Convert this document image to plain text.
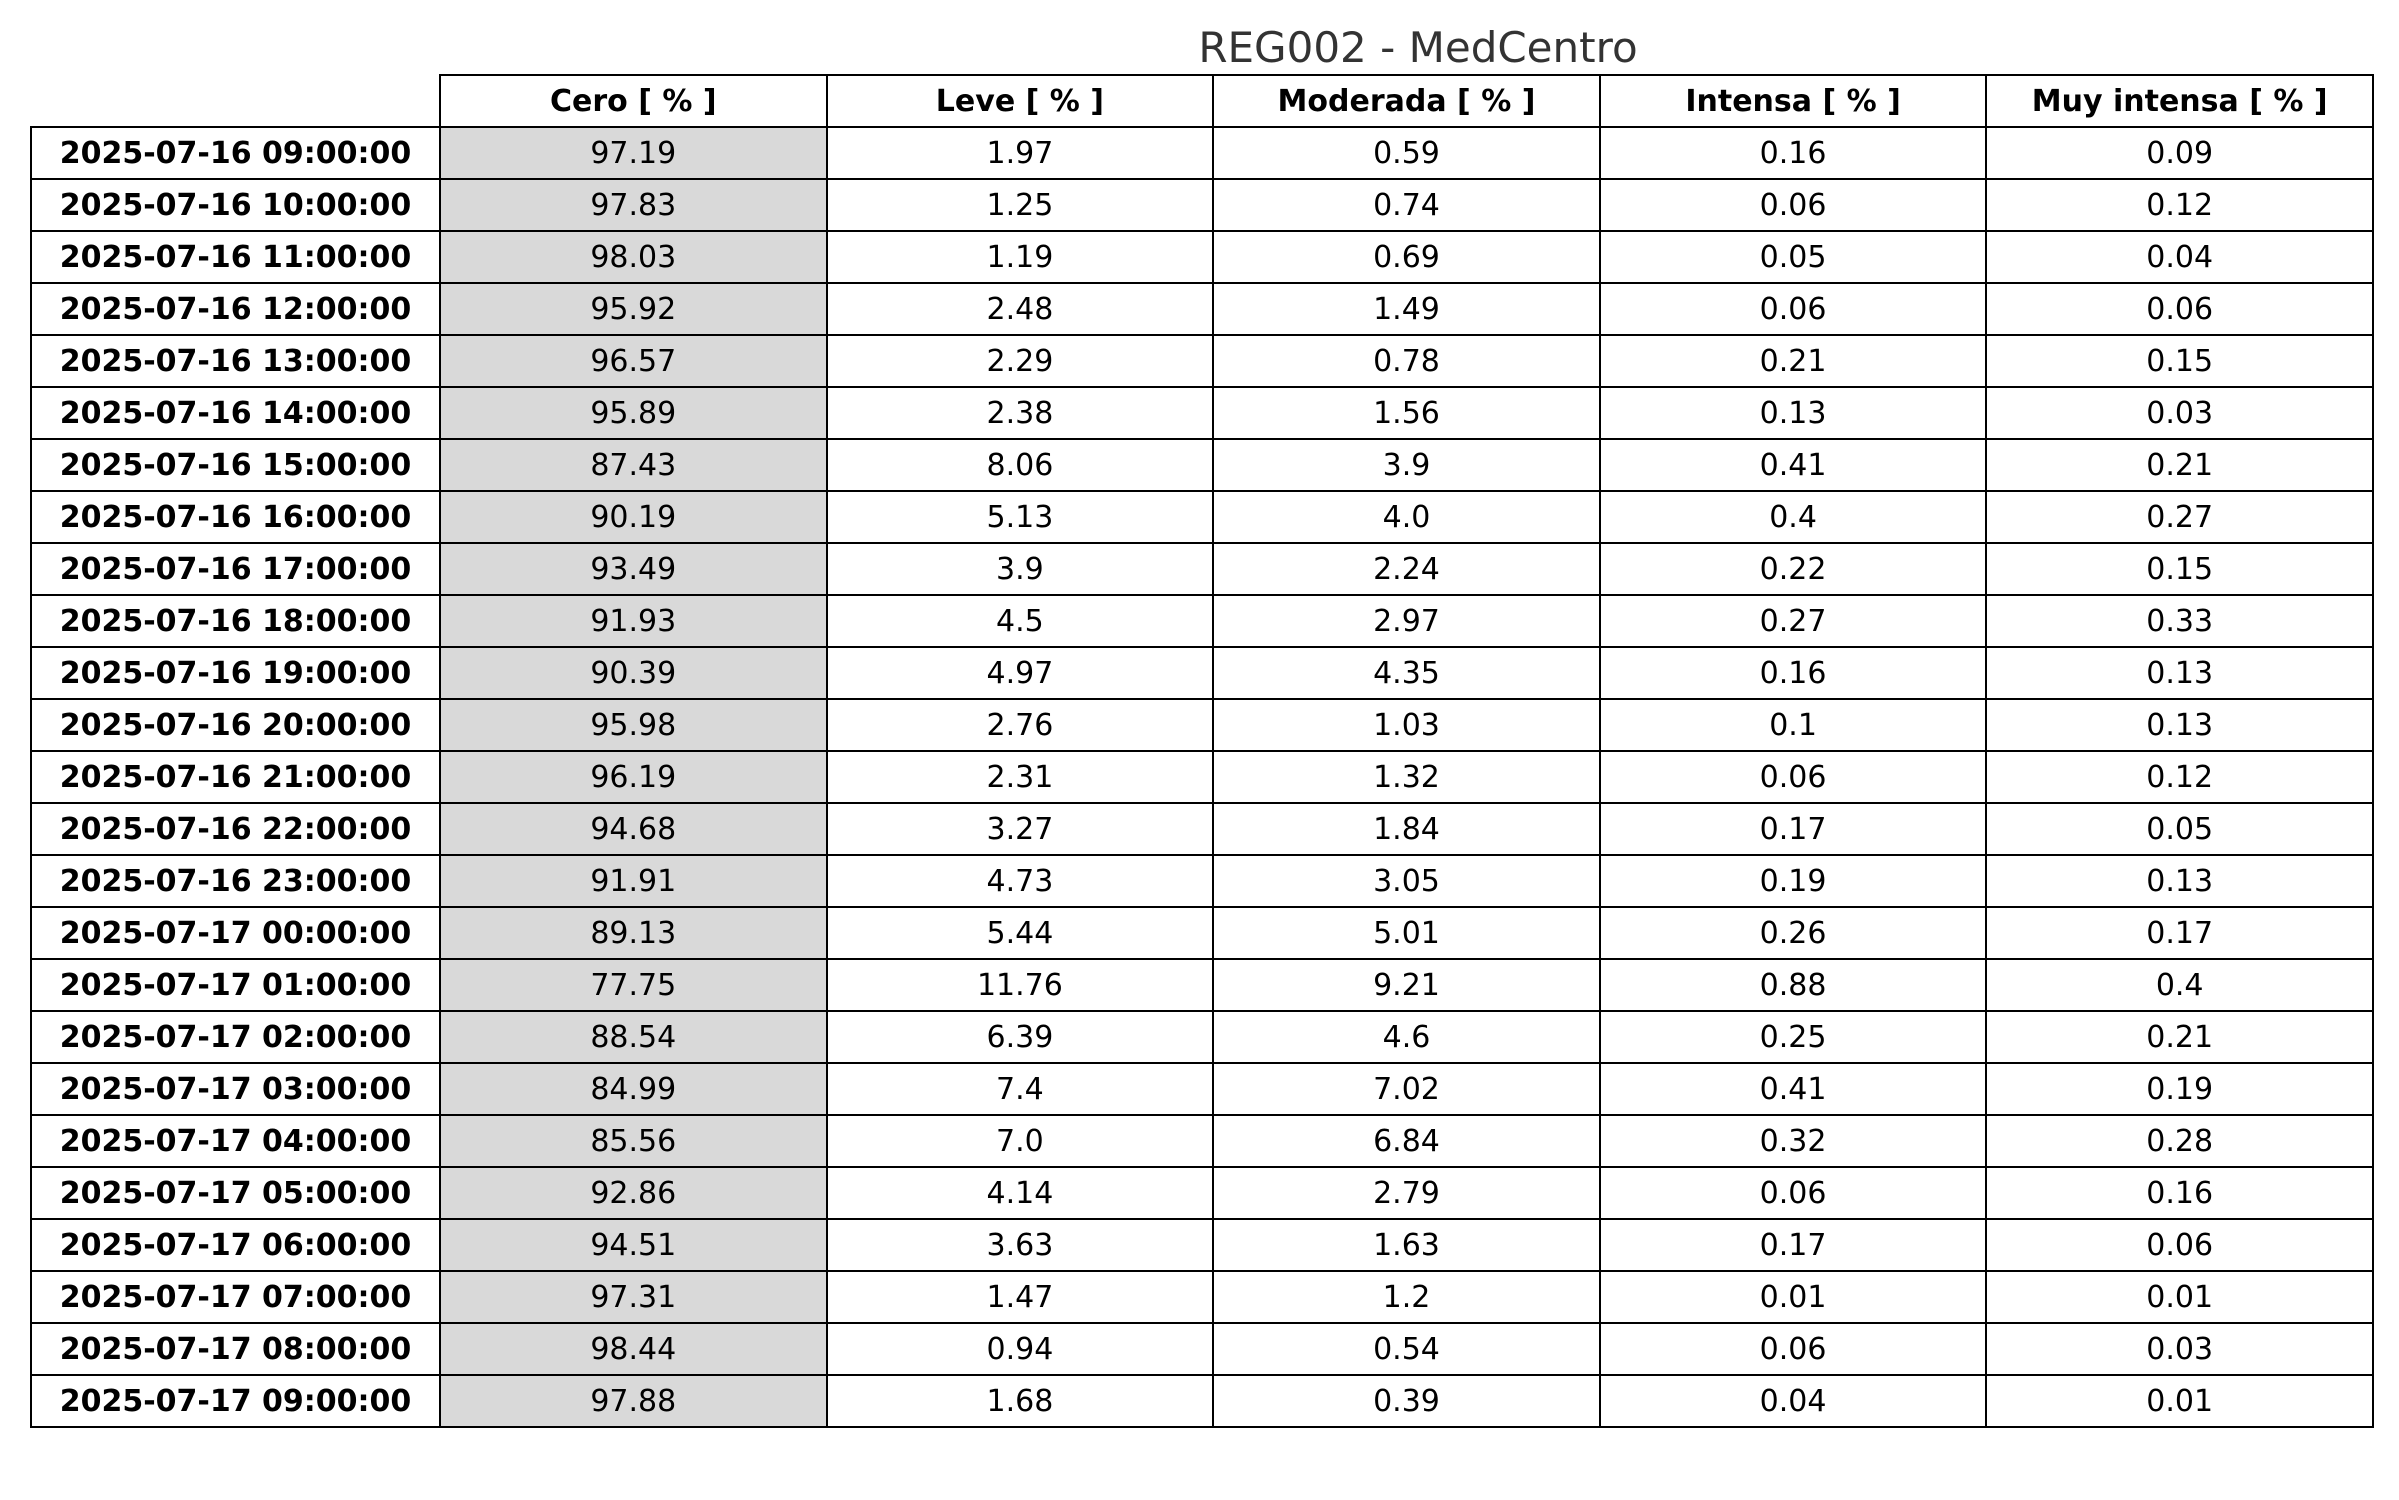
REG002 - MedCentro
	Cero [ % ]	Leve [ % ]	Moderada [ % ]	Intensa [ % ]	Muy intensa [ % ]
2025-07-16 09:00:00	97.19	1.97	0.59	0.16	0.09
2025-07-16 10:00:00	97.83	1.25	0.74	0.06	0.12
2025-07-16 11:00:00	98.03	1.19	0.69	0.05	0.04
2025-07-16 12:00:00	95.92	2.48	1.49	0.06	0.06
2025-07-16 13:00:00	96.57	2.29	0.78	0.21	0.15
2025-07-16 14:00:00	95.89	2.38	1.56	0.13	0.03
2025-07-16 15:00:00	87.43	8.06	3.9	0.41	0.21
2025-07-16 16:00:00	90.19	5.13	4.0	0.4	0.27
2025-07-16 17:00:00	93.49	3.9	2.24	0.22	0.15
2025-07-16 18:00:00	91.93	4.5	2.97	0.27	0.33
2025-07-16 19:00:00	90.39	4.97	4.35	0.16	0.13
2025-07-16 20:00:00	95.98	2.76	1.03	0.1	0.13
2025-07-16 21:00:00	96.19	2.31	1.32	0.06	0.12
2025-07-16 22:00:00	94.68	3.27	1.84	0.17	0.05
2025-07-16 23:00:00	91.91	4.73	3.05	0.19	0.13
2025-07-17 00:00:00	89.13	5.44	5.01	0.26	0.17
2025-07-17 01:00:00	77.75	11.76	9.21	0.88	0.4
2025-07-17 02:00:00	88.54	6.39	4.6	0.25	0.21
2025-07-17 03:00:00	84.99	7.4	7.02	0.41	0.19
2025-07-17 04:00:00	85.56	7.0	6.84	0.32	0.28
2025-07-17 05:00:00	92.86	4.14	2.79	0.06	0.16
2025-07-17 06:00:00	94.51	3.63	1.63	0.17	0.06
2025-07-17 07:00:00	97.31	1.47	1.2	0.01	0.01
2025-07-17 08:00:00	98.44	0.94	0.54	0.06	0.03
2025-07-17 09:00:00	97.88	1.68	0.39	0.04	0.01
